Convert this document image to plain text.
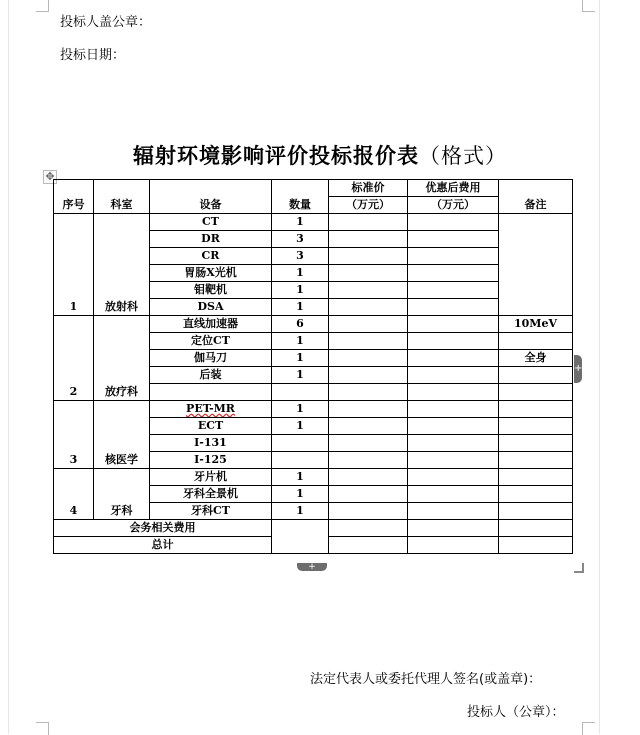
投标人盖公章：
投标日期：
辐射环境影响评价投标报价表（格式）
✥
序号	科室	设备	数量	标准价	优惠后费用	备注
				（万元）	（万元）	
1	放射科	CT	1			
		DR	3			
		CR	3			
		胃肠X光机	1			
		钼靶机	1			
		DSA	1			
2	放疗科	直线加速器	6			10MeV
		定位CT	1			
		伽马刀	1			全身
		后装	1			

3	核医学	PET-MR	1			
		ECT	1			
		I-131				
		I-125				
4	牙科	牙片机	1			
		牙科全景机	1			
		牙科CT	1			
会务相关费用						
总计						
+
+
法定代表人或委托代理人签名(或盖章)：
投标人（公章）：
